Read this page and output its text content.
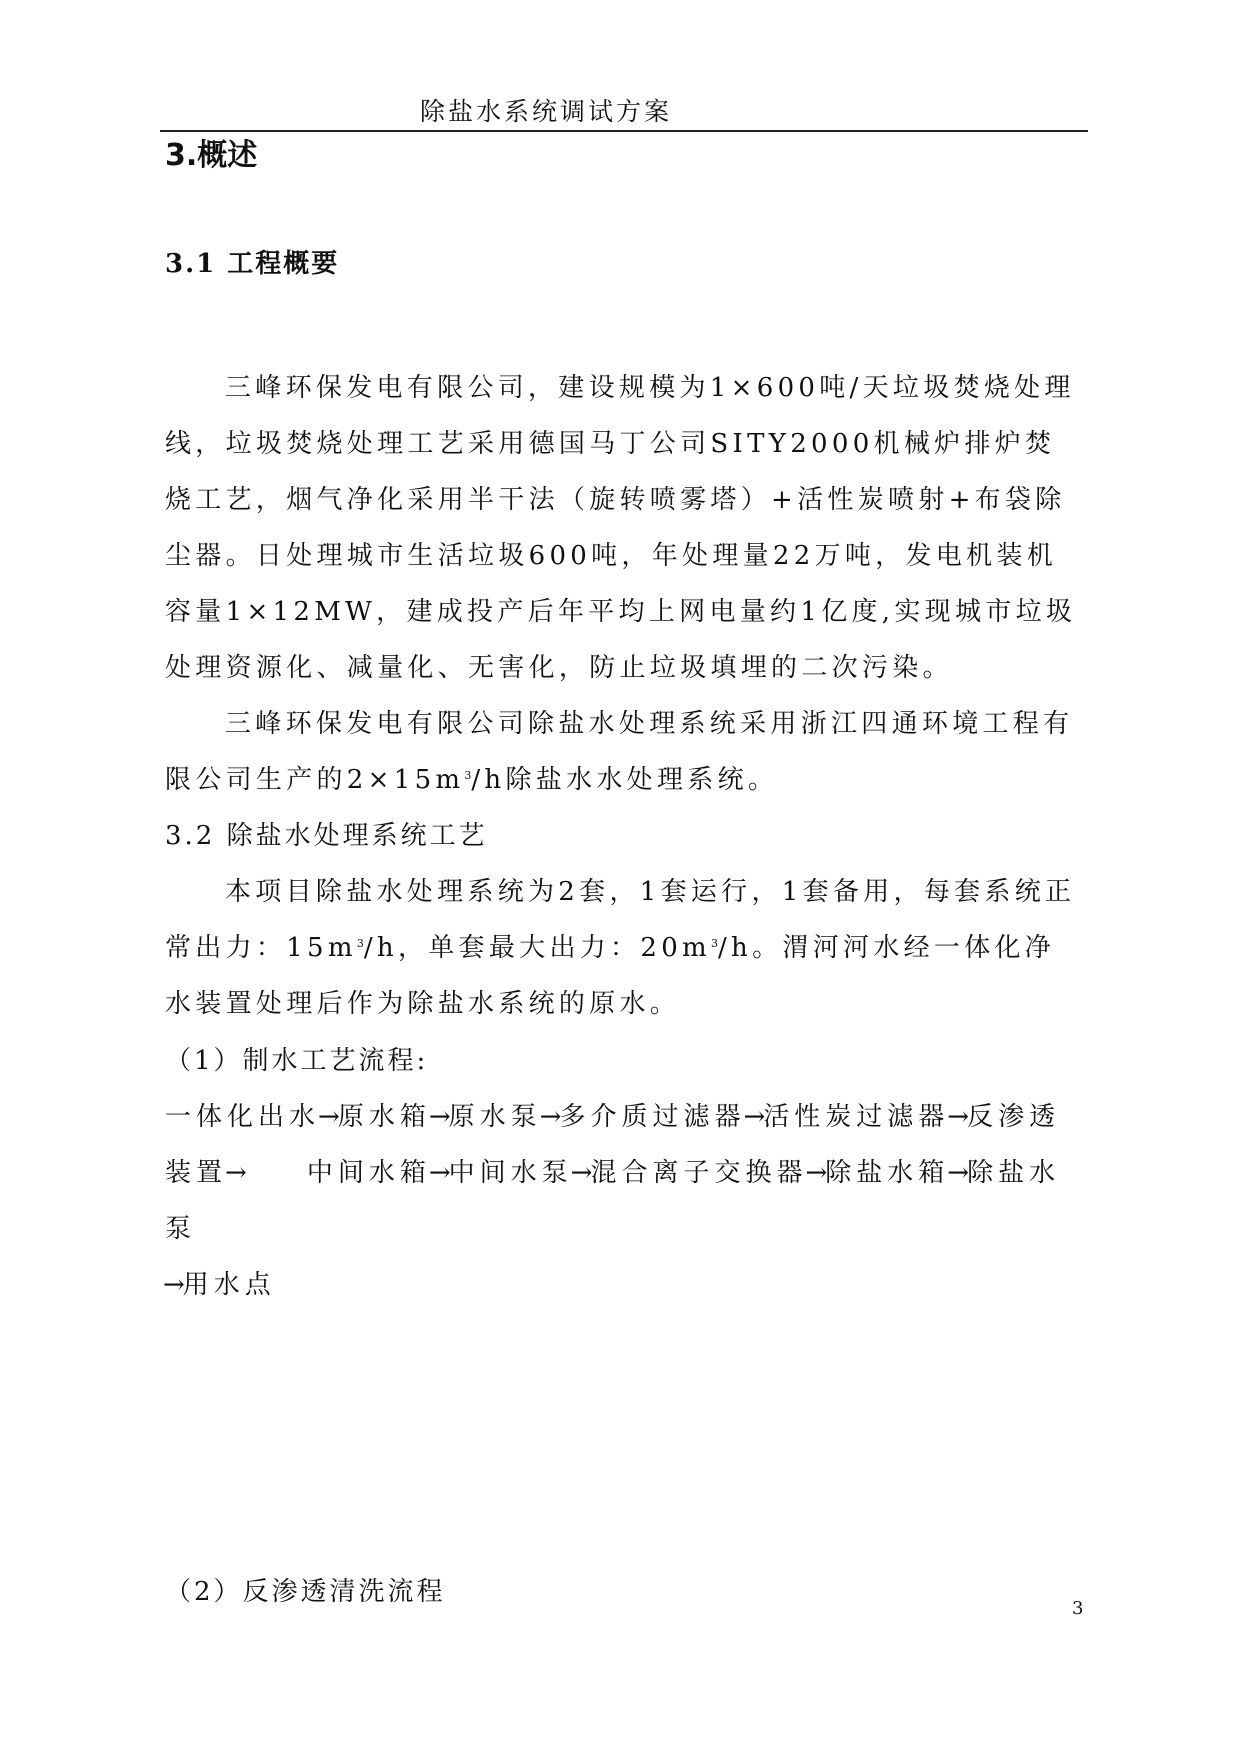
除盐水系统调试方案
3.概述
3.1 工程概要
三峰环保发电有限公司，建设规模为1×600吨/天垃圾焚烧处理线，垃圾焚烧处理工艺采用德国马丁公司SITY2000机械炉排炉焚烧工艺，烟气净化采用半干法（旋转喷雾塔）+活性炭喷射+布袋除尘器。日处理城市生活垃圾600吨，年处理量22万吨，发电机装机容量1×12MW，建成投产后年平均上网电量约1亿度,实现城市垃圾处理资源化、减量化、无害化，防止垃圾填埋的二次污染。
三峰环保发电有限公司除盐水处理系统采用浙江四通环境工程有限公司生产的$2\times 15m^3/h$除盐水水处理系统。
3.2 除盐水处理系统工艺
本项目除盐水处理系统为2套，1套运行，1套备用，每套系统正常出力：$15m^3/h$，单套最大出力：$20m^3/h$。渭河河水经一体化净水装置处理后作为除盐水系统的原水。
（1）制水工艺流程:
一体化出水→原水箱→原水泵→多介质过滤器→活性炭过滤器→反渗透装置→　　 中间水箱→中间水泵→混合离子交换器→除盐水箱→除盐水泵
→用水点
（2）反渗透清洗流程
3
